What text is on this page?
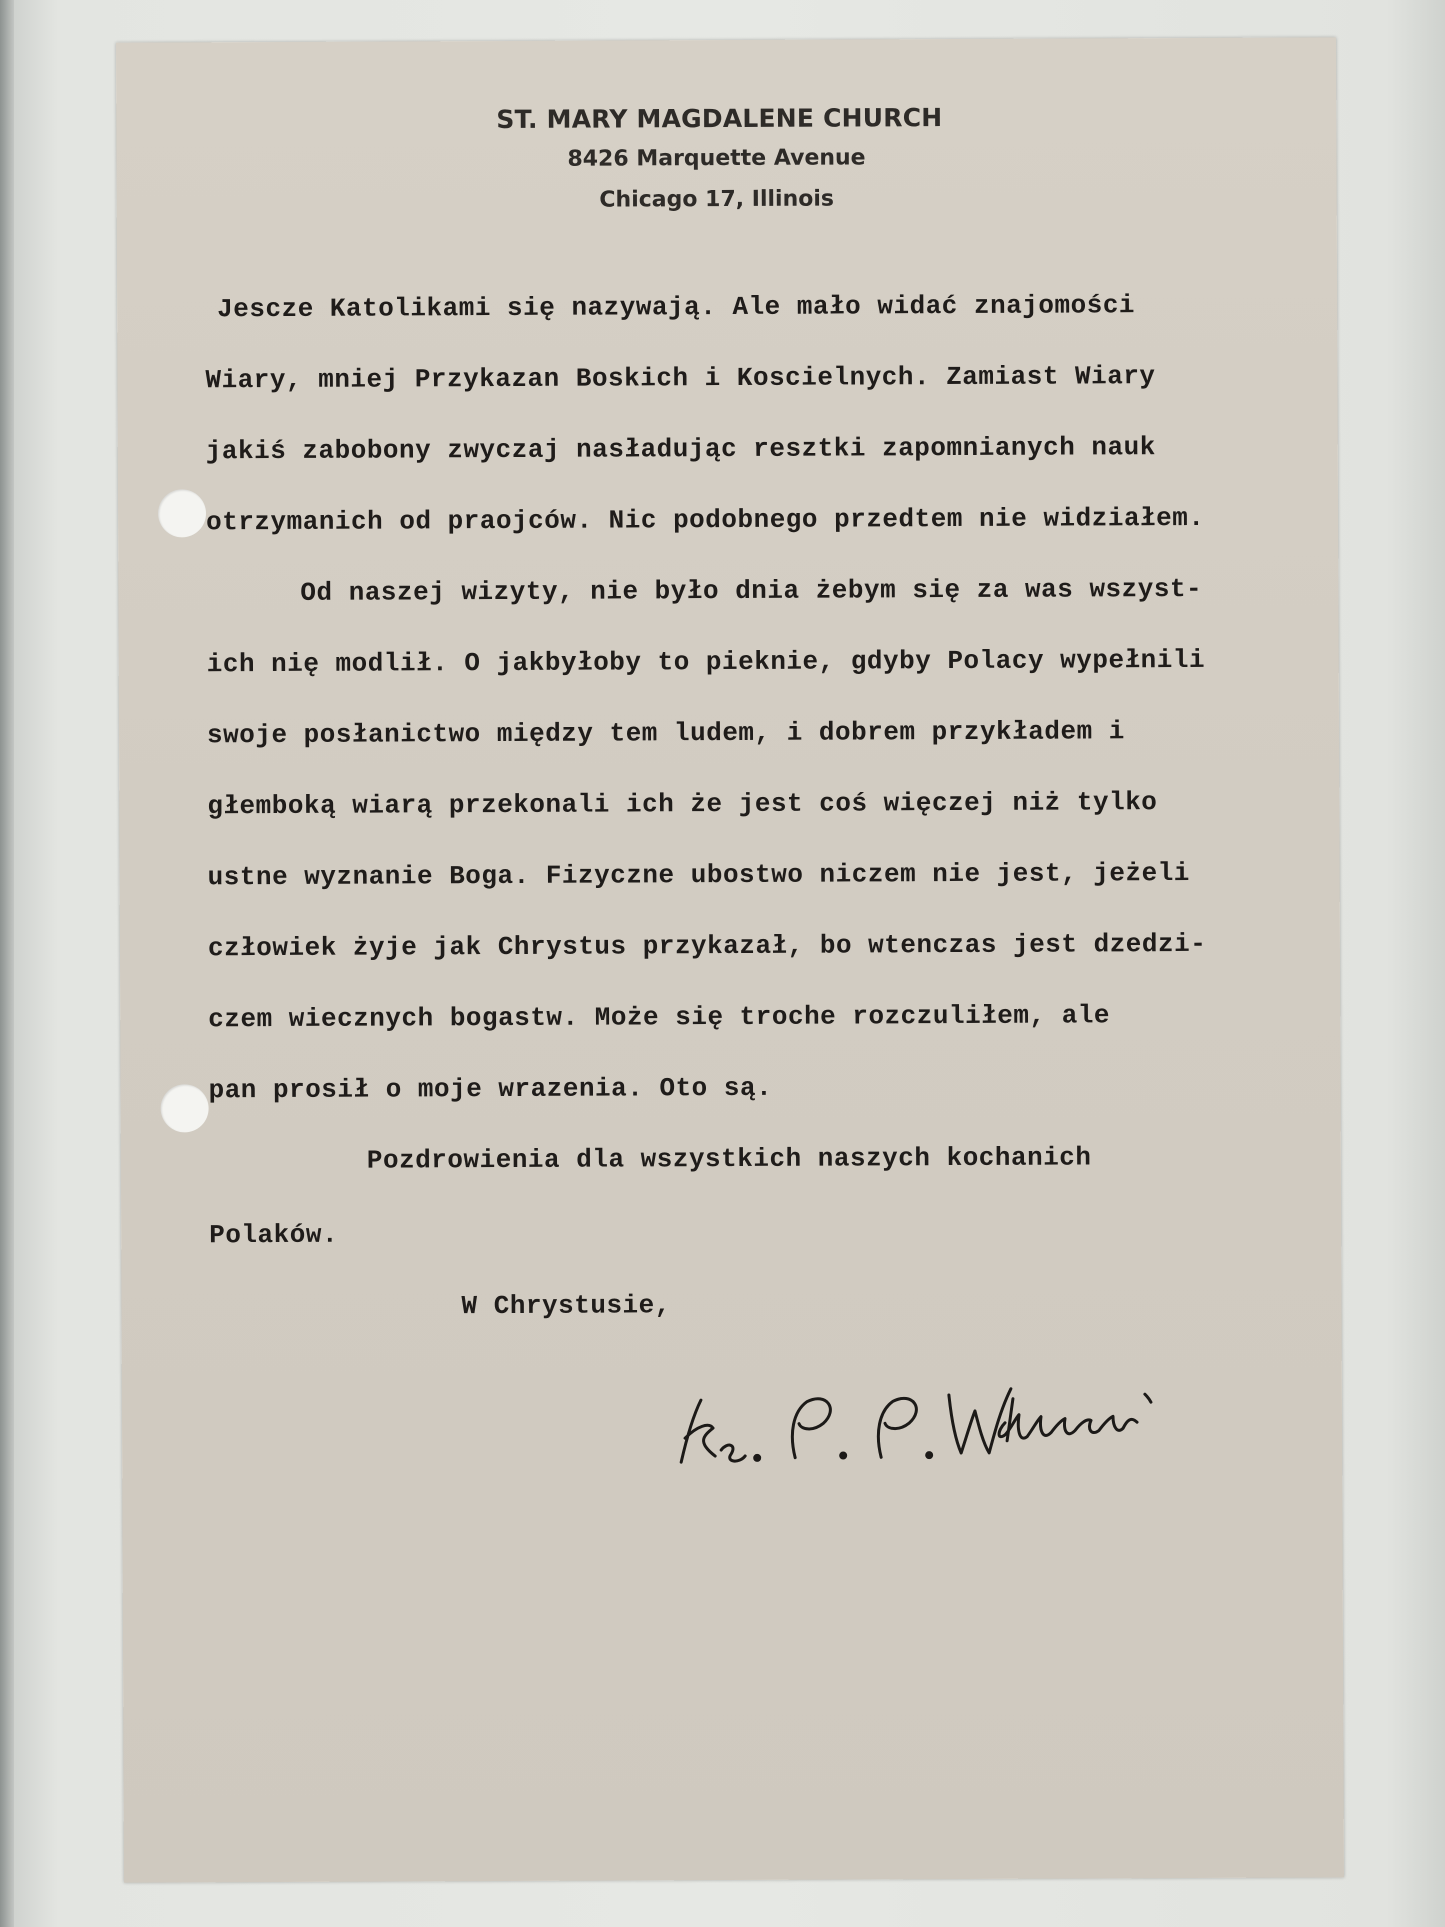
ST. MARY MAGDALENE CHURCH
8426 Marquette Avenue
Chicago 17, Illinois
Jescze Katolikami się nazywają. Ale mało widać znajomości
Wiary, mniej Przykazan Boskich i Koscielnych. Zamiast Wiary
jakiś zabobony zwyczaj nasładując resztki zapomnianych nauk
otrzymanich od praojców. Nic podobnego przedtem nie widziałem.
Od naszej wizyty, nie było dnia żebym się za was wszyst-
ich nię modlił. O jakbyłoby to pieknie, gdyby Polacy wypełnili
swoje posłanictwo między tem ludem, i dobrem przykładem i
głemboką wiarą przekonali ich że jest coś więczej niż tylko
ustne wyznanie Boga. Fizyczne ubostwo niczem nie jest, jeżeli
człowiek żyje jak Chrystus przykazał, bo wtenczas jest dzedzi-
czem wiecznych bogastw. Może się troche rozczuliłem, ale
pan prosił o moje wrazenia. Oto są.
Pozdrowienia dla wszystkich naszych kochanich
Polaków.
W Chrystusie,
